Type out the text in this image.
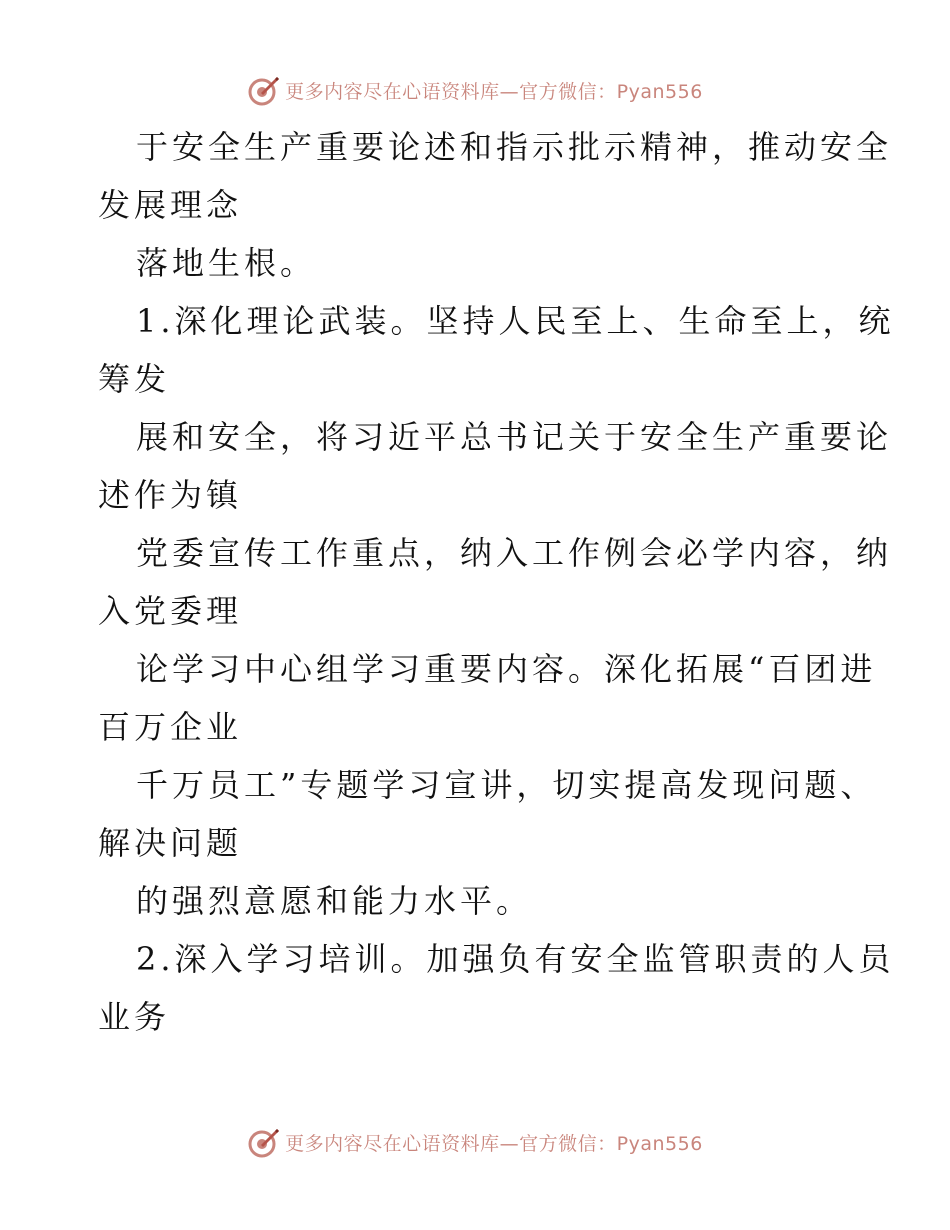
更多内容尽在心语资料库—官方微信：Pyan556
于安全生产重要论述和指示批示精神，推动安全
发展理念
落地生根。
1.深化理论武装。坚持人民至上、生命至上，统
筹发
展和安全，将习近平总书记关于安全生产重要论
述作为镇
党委宣传工作重点，纳入工作例会必学内容，纳
入党委理
论学习中心组学习重要内容。深化拓展“百团进
百万企业
千万员工”专题学习宣讲，切实提高发现问题、
解决问题
的强烈意愿和能力水平。
2.深入学习培训。加强负有安全监管职责的人员
业务
更多内容尽在心语资料库—官方微信：Pyan556
